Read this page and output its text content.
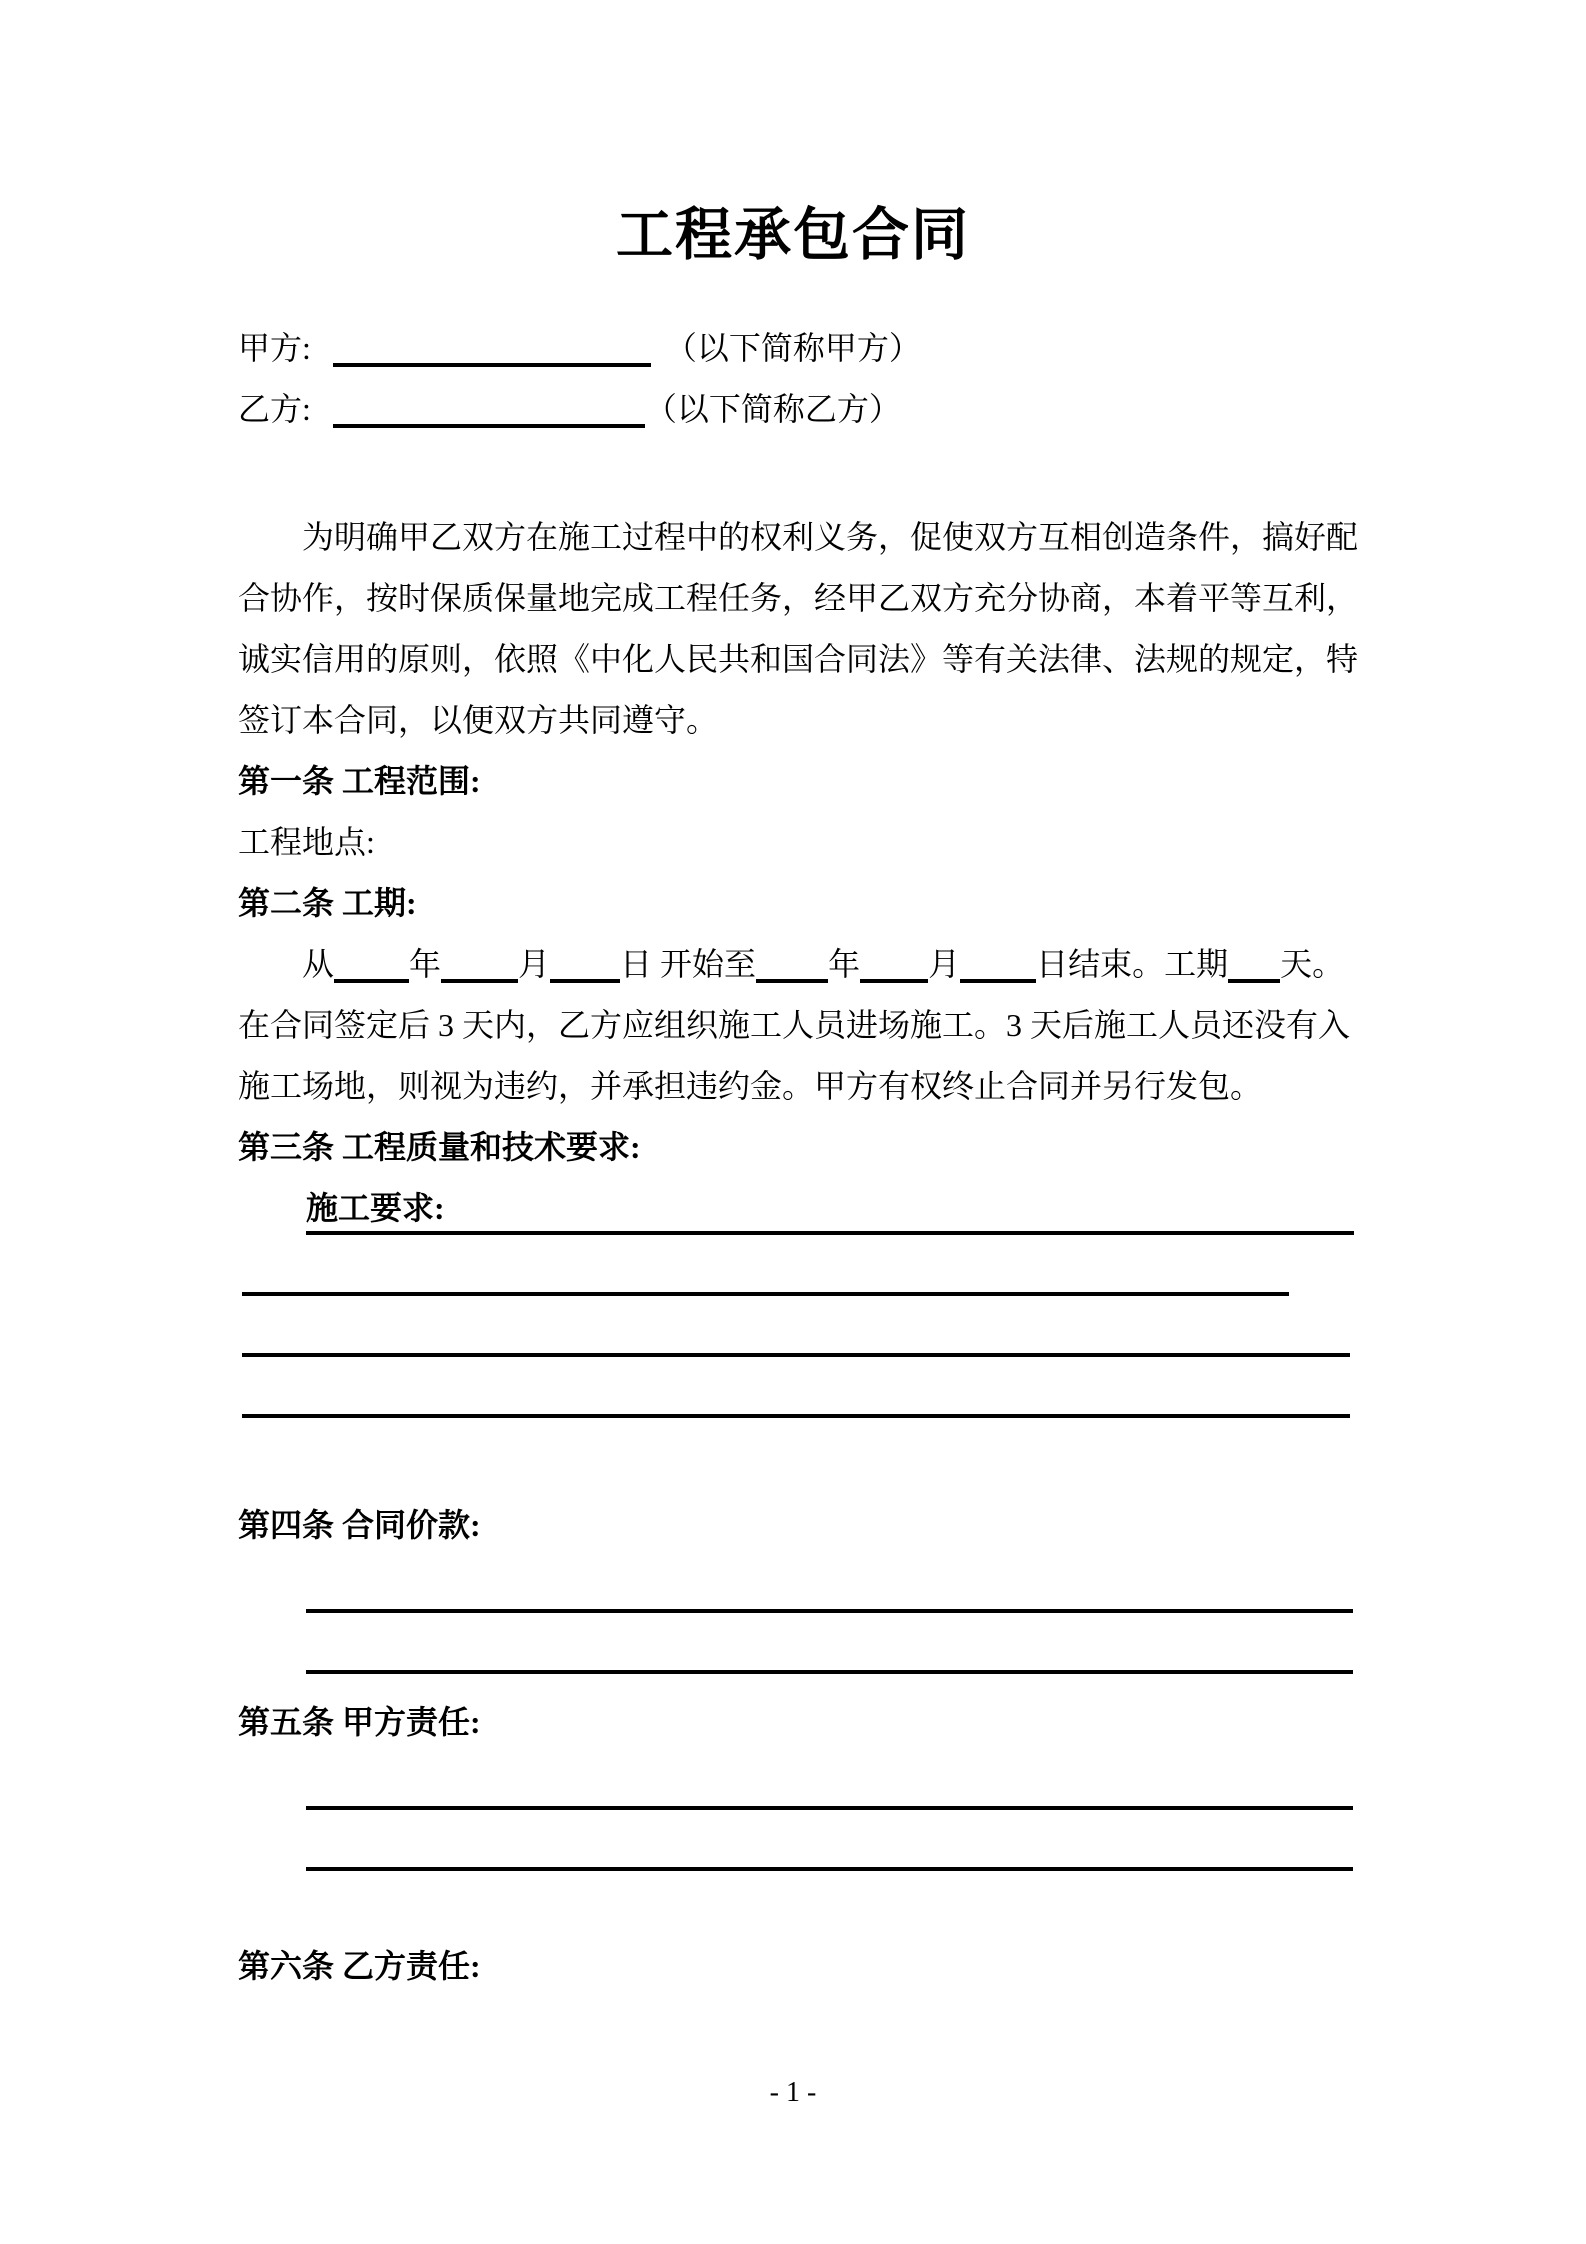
工程承包合同
甲方:	（以下简称甲方）
乙方:	（以下简称乙方）
为明确甲乙双方在施工过程中的权利义务，促使双方互相创造条件，搞好配
合协作，按时保质保量地完成工程任务，经甲乙双方充分协商，本着平等互利，
诚实信用的原则，依照《中化人民共和国合同法》等有关法律、法规的规定，特
签订本合同，以便双方共同遵守。
第一条 工程范围:
工程地点:
第二条 工期:
从 年 月 日 开始至 年 月 日结束。工期 天。
在合同签定后 3 天内，乙方应组织施工人员进场施工。3 天后施工人员还没有入
施工场地，则视为违约，并承担违约金。甲方有权终止合同并另行发包。
第三条 工程质量和技术要求:
施工要求:
第四条 合同价款:
第五条 甲方责任:
第六条 乙方责任:
- 1 -
